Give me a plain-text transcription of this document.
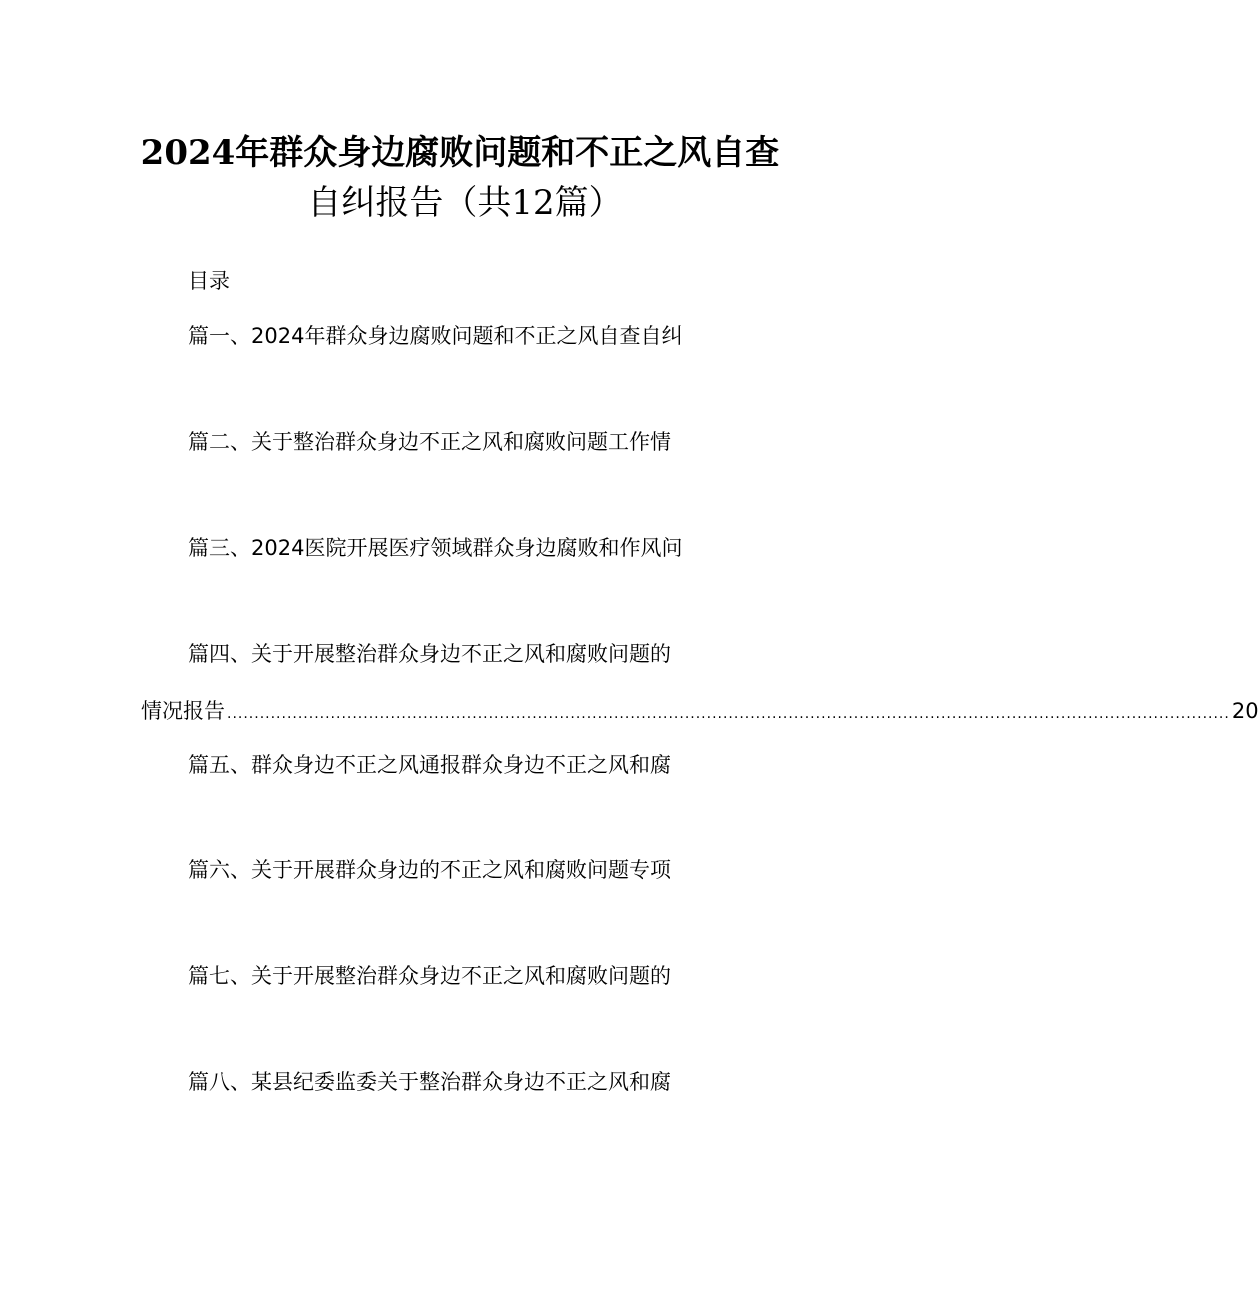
2024年群众身边腐败问题和不正之风自查
自纠报告（共12篇）
目录
篇一、2024年群众身边腐败问题和不正之风自查自纠
篇二、关于整治群众身边不正之风和腐败问题工作情
篇三、2024医院开展医疗领域群众身边腐败和作风问
篇四、关于开展整治群众身边不正之风和腐败问题的
情况报告 ........................................................................................................................................................................................ 20
篇五、群众身边不正之风通报群众身边不正之风和腐
篇六、关于开展群众身边的不正之风和腐败问题专项
篇七、关于开展整治群众身边不正之风和腐败问题的
篇八、某县纪委监委关于整治群众身边不正之风和腐
